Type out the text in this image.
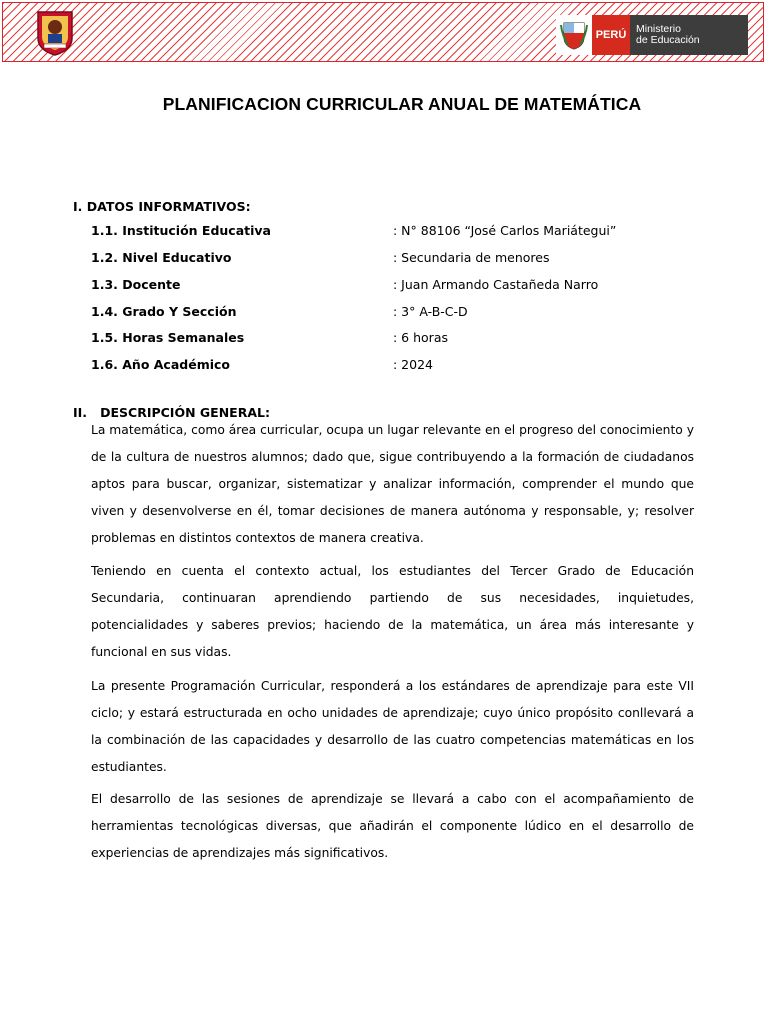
PERÚ Ministerio
de Educación
PLANIFICACION CURRICULAR ANUAL DE MATEMÁTICA
I. DATOS INFORMATIVOS:
1.1. Institución Educativa	: N° 88106 “José Carlos Mariátegui”
1.2. Nivel Educativo	: Secundaria de menores
1.3. Docente	: Juan Armando Castañeda Narro
1.4. Grado Y Sección	: 3° A-B-C-D
1.5. Horas Semanales	: 6 horas
1.6. Año Académico	: 2024
II.   DESCRIPCIÓN GENERAL:

La matemática, como área curricular, ocupa un lugar relevante en el progreso del conocimiento y de la cultura de nuestros alumnos; dado que, sigue contribuyendo a la formación de ciudadanos aptos para buscar, organizar, sistematizar y analizar información, comprender el mundo que viven y desenvolverse en él, tomar decisiones de manera autónoma y responsable, y; resolver problemas en distintos contextos de manera creativa.

Teniendo en cuenta el contexto actual, los estudiantes del Tercer Grado de Educación Secundaria, continuaran aprendiendo partiendo de sus necesidades, inquietudes, potencialidades y saberes previos; haciendo de la matemática, un área más interesante y funcional en sus vidas.

La presente Programación Curricular, responderá a los estándares de aprendizaje para este VII ciclo; y estará estructurada en ocho unidades de aprendizaje; cuyo único propósito conllevará a la combinación de las capacidades y desarrollo de las cuatro competencias matemáticas en los estudiantes.

El desarrollo de las sesiones de aprendizaje se llevará a cabo con el acompañamiento de herramientas tecnológicas diversas, que añadirán el componente lúdico en el desarrollo de experiencias de aprendizajes más significativos.
